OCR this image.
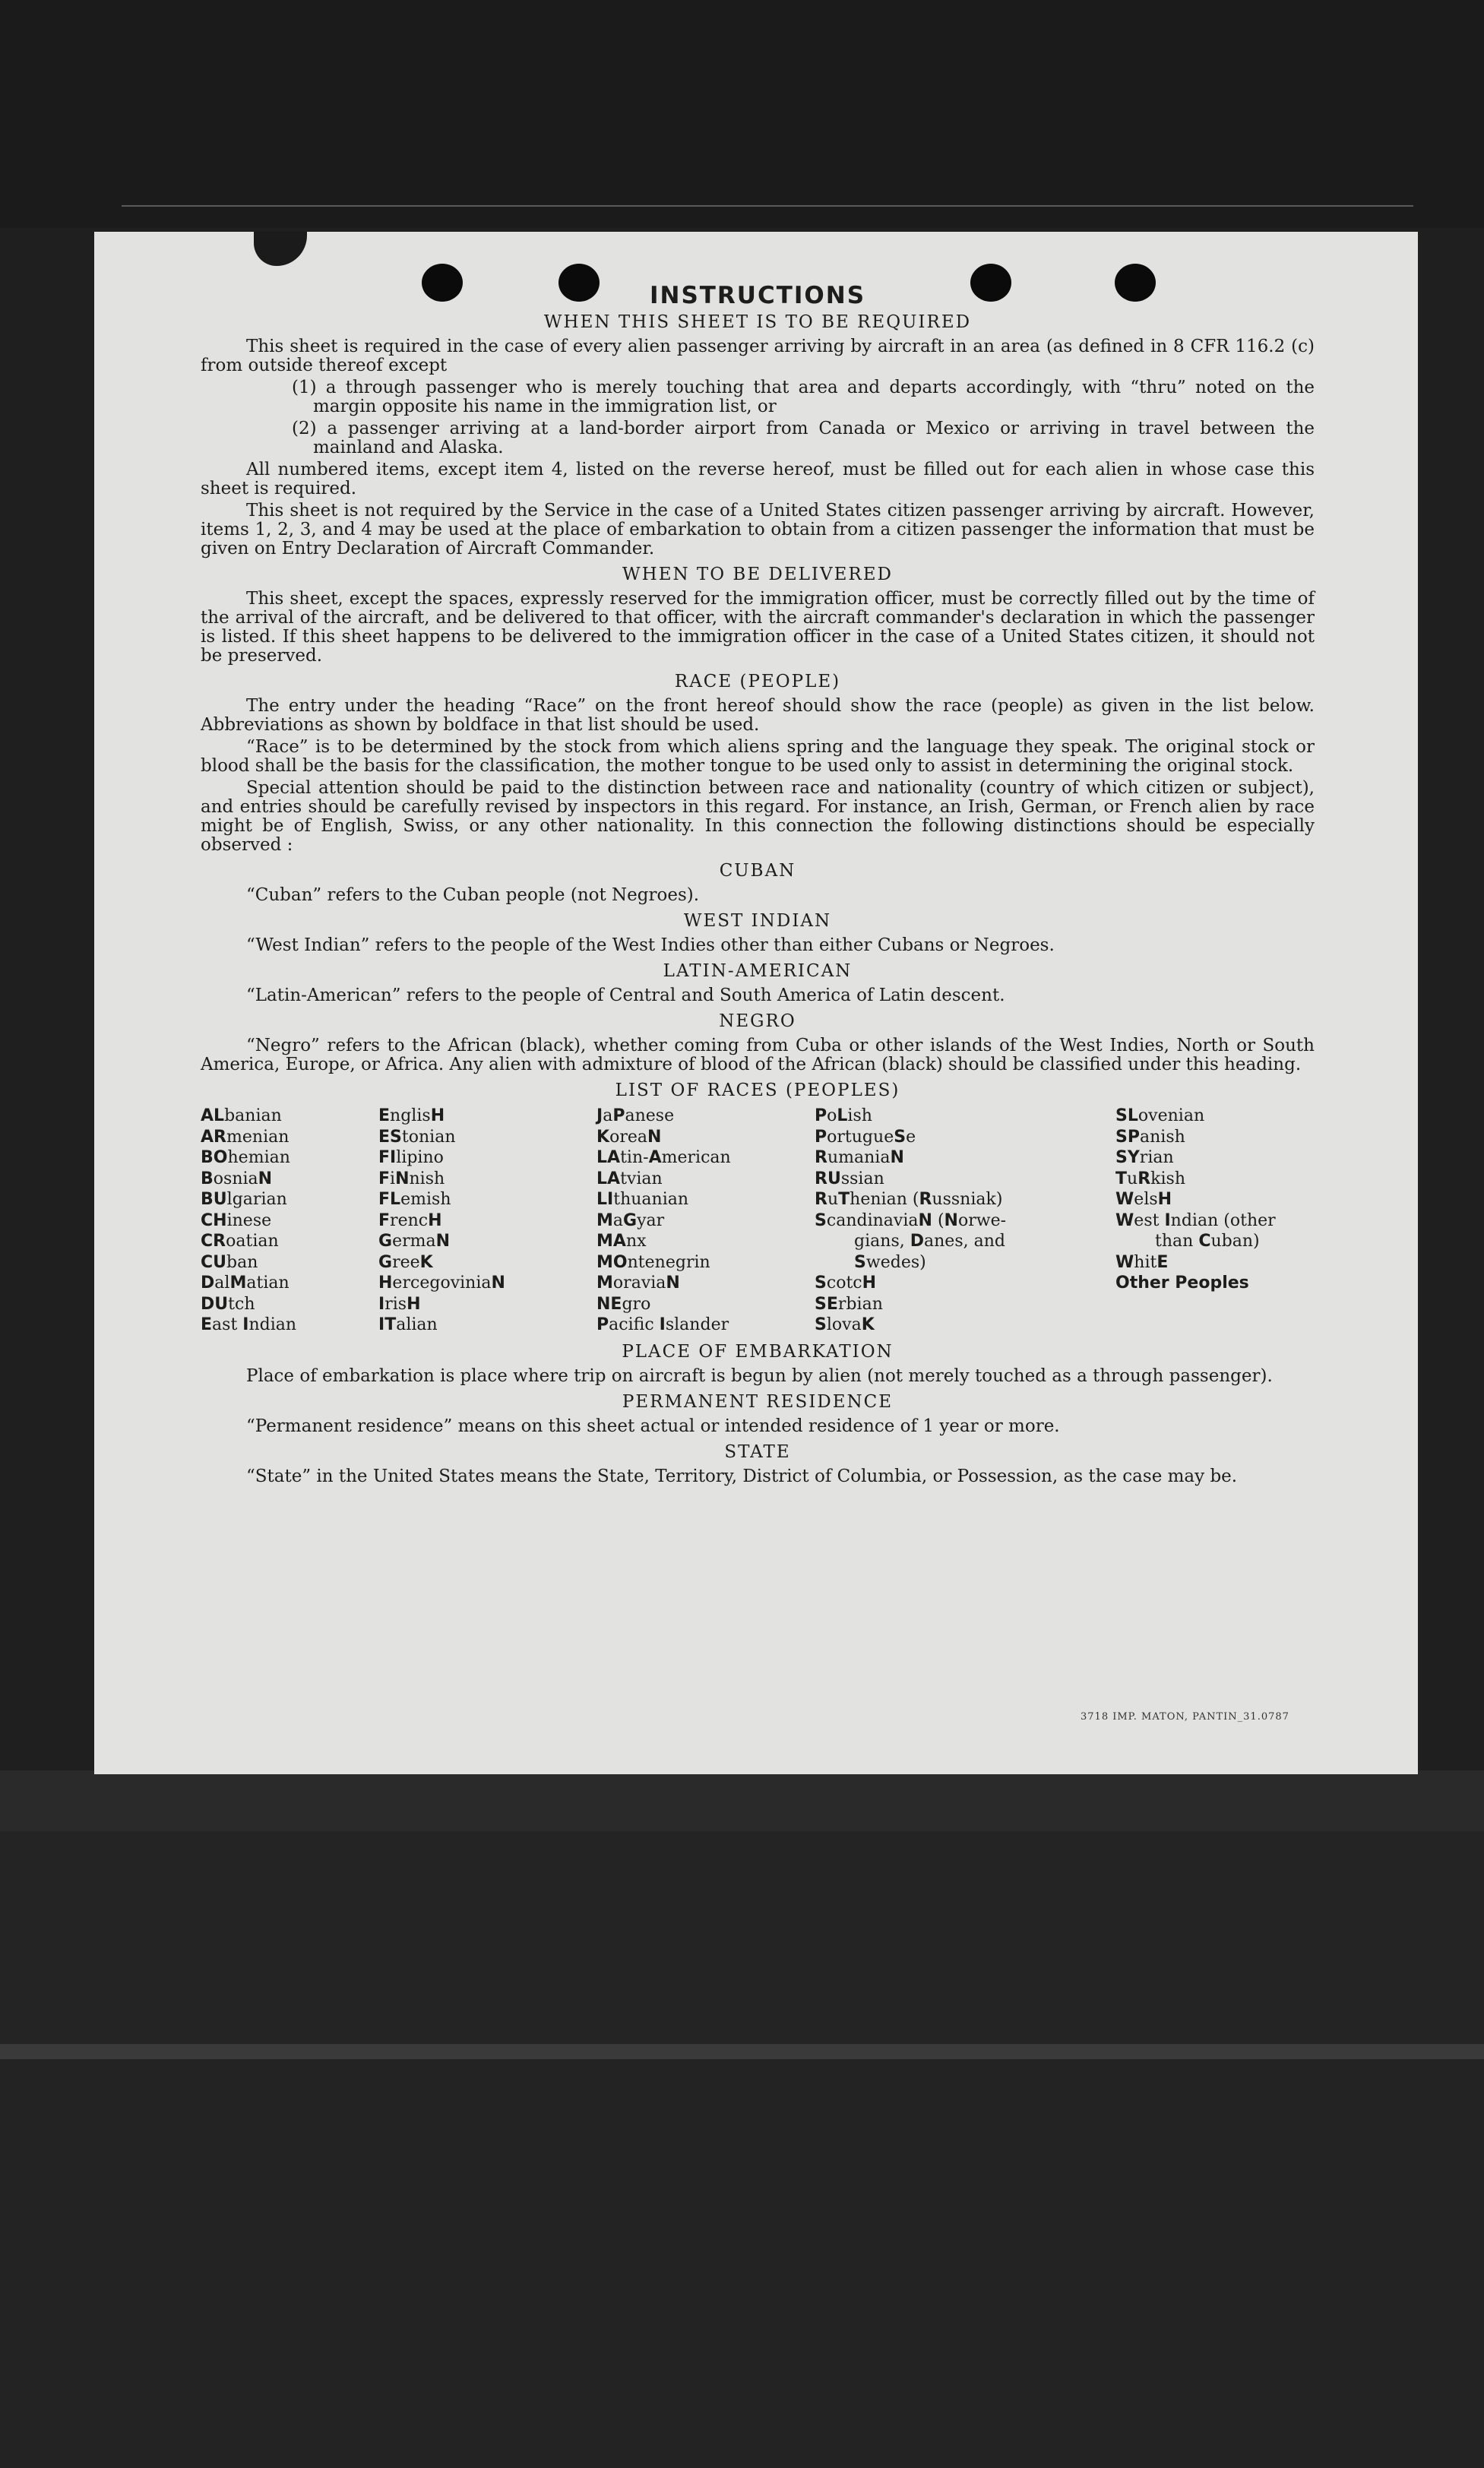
INSTRUCTIONS
WHEN THIS SHEET IS TO BE REQUIRED

This sheet is required in the case of every alien passenger arriving by aircraft in an area (as defined in 8 CFR 116.2 (c) from outside thereof except

(1) a through passenger who is merely touching that area and departs accordingly, with “thru” noted on the margin opposite his name in the immigration list, or

(2) a passenger arriving at a land-border airport from Canada or Mexico or arriving in travel between the mainland and Alaska.

All numbered items, except item 4, listed on the reverse hereof, must be filled out for each alien in whose case this sheet is required.

This sheet is not required by the Service in the case of a United States citizen passenger arriving by aircraft. However, items 1, 2, 3, and 4 may be used at the place of embarkation to obtain from a citizen passenger the information that must be given on Entry Declaration of Aircraft Commander.

WHEN TO BE DELIVERED

This sheet, except the spaces, expressly reserved for the immigration officer, must be correctly filled out by the time of the arrival of the aircraft, and be delivered to that officer, with the aircraft commander's declaration in which the passenger is listed. If this sheet happens to be delivered to the immigration officer in the case of a United States citizen, it should not be preserved.

RACE (PEOPLE)

The entry under the heading “Race” on the front hereof should show the race (people) as given in the list below. Abbreviations as shown by boldface in that list should be used.

“Race” is to be determined by the stock from which aliens spring and the language they speak. The original stock or blood shall be the basis for the classification, the mother tongue to be used only to assist in determining the original stock.

Special attention should be paid to the distinction between race and nationality (country of which citizen or subject), and entries should be carefully revised by inspectors in this regard. For instance, an Irish, German, or French alien by race might be of English, Swiss, or any other nationality. In this connection the following distinctions should be especially observed :

CUBAN

“Cuban” refers to the Cuban people (not Negroes).

WEST INDIAN

“West Indian” refers to the people of the West Indies other than either Cubans or Negroes.

LATIN-AMERICAN

“Latin-American” refers to the people of Central and South America of Latin descent.

NEGRO

“Negro” refers to the African (black), whether coming from Cuba or other islands of the West Indies, North or South America, Europe, or Africa. Any alien with admixture of blood of the African (black) should be classified under this heading.

LIST OF RACES (PEOPLES)
ALbanian
ARmenian
BOhemian
BosniaN
BUlgarian
CHinese
CRoatian
CUban
DalMatian
DUtch
East Indian
EnglisH
EStonian
FIlipino
FiNnish
FLemish
FrencH
GermaN
GreeK
HercegoviniaN
IrisH
ITalian
JaPanese
KoreaN
LAtin-American
LAtvian
LIthuanian
MaGyar
MAnx
MOntenegrin
MoraviaN
NEgro
Pacifc Islander
PoLish
PortugueSe
RumaniaN
RUssian
RuThenian (Russniak)
ScandinaviaN (Norwe-
gians, Danes, and
Swedes)
ScotcH
SErbian
SlovaK
SLovenian
SPanish
SYrian
TuRkish
WelsH
West Indian (other
than Cuban)
WhitE
Other Peoples
PLACE OF EMBARKATION

Place of embarkation is place where trip on aircraft is begun by alien (not merely touched as a through passenger).

PERMANENT RESIDENCE

“Permanent residence” means on this sheet actual or intended residence of 1 year or more.

STATE

“State” in the United States means the State, Territory, District of Columbia, or Possession, as the case may be.

3718 IMP. MATON, PANTIN_31.0787
